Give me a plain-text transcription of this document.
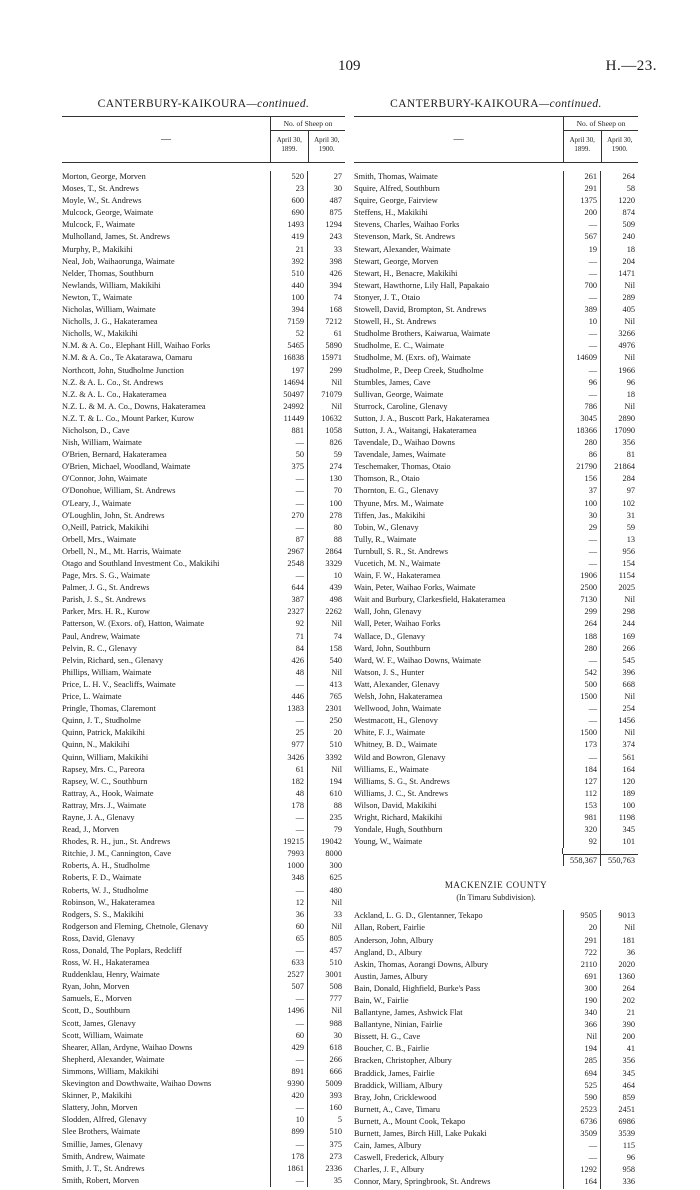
109	H.—23.
CANTERBURY-KAIKOURA—continued.
—
No. of Sheep on
April 30, 1899.
April 30, 1900.
Morton, George, Morven	520	27
Moses, T., St. Andrews	23	30
Moyle, W., St. Andrews	600	487
Mulcock, George, Waimate	690	875
Mulcock, F., Waimate	1493	1294
Mulholland, James, St. Andrews	419	243
Murphy, P., Makikihi	21	33
Neal, Job, Waihaorunga, Waimate	392	398
Nelder, Thomas, Southburn	510	426
Newlands, William, Makikihi	440	394
Newton, T., Waimate	100	74
Nicholas, William, Waimate	394	168
Nicholls, J. G., Hakateramea	7159	7212
Nicholls, W., Makikihi	52	61
N.M. & A. Co., Elephant Hill, Waihao Forks	5465	5890
N.M. & A. Co., Te Akatarawa, Oamaru	16838	15971
Northcott, John, Studholme Junction	197	299
N.Z. & A. L. Co., St. Andrews	14694	Nil
N.Z. & A. L. Co., Hakateramea	50497	71079
N.Z. L. & M. A. Co., Downs, Hakateramea	24992	Nil
N.Z. T. & L. Co., Mount Parker, Kurow	11449	10632
Nicholson, D., Cave	881	1058
Nish, William, Waimate	—	826
O'Brien, Bernard, Hakateramea	50	59
O'Brien, Michael, Woodland, Waimate	375	274
O'Connor, John, Waimate	—	130
O'Donohue, William, St. Andrews	—	70
O'Leary, J., Waimate	—	100
O'Loughlin, John, St. Andrews	270	278
O,Neill, Patrick, Makikihi	—	80
Orbell, Mrs., Waimate	87	88
Orbell, N., M., Mt. Harris, Waimate	2967	2864
Otago and Southland Investment Co., Makikihi	2548	3329
Page, Mrs. S. G., Waimate	—	10
Palmer, J. G., St. Andrews	644	439
Parish, J. S., St. Andrews	387	498
Parker, Mrs. H. R., Kurow	2327	2262
Patterson, W. (Exors. of), Hatton, Waimate	92	Nil
Paul, Andrew, Waimate	71	74
Pelvin, R. C., Glenavy	84	158
Pelvin, Richard, sen., Glenavy	426	540
Phillips, William, Waimate	48	Nil
Price, L. H. V., Seacliffs, Waimate	—	413
Price, L. Waimate	446	765
Pringle, Thomas, Claremont	1383	2301
Quinn, J. T., Studholme	—	250
Quinn, Patrick, Makikihi	25	20
Quinn, N., Makikihi	977	510
Quinn, William, Makikihi	3426	3392
Rapsey, Mrs. C., Pareora	61	Nil
Rapsey, W. C., Southburn	182	194
Rattray, A., Hook, Waimate	48	610
Rattray, Mrs. J., Waimate	178	88
Rayne, J. A., Glenavy	—	235
Read, J., Morven	—	79
Rhodes, R. H., jun., St. Andrews	19215	19042
Ritchie, J. M., Cannington, Cave	7993	8000
Roberts, A. H., Studholme	1000	300
Roberts, F. D., Waimate	348	625
Roberts, W. J., Studholme	—	480
Robinson, W., Hakateramea	12	Nil
Rodgers, S. S., Makikihi	36	33
Rodgerson and Fleming, Chetnole, Glenavy	60	Nil
Ross, David, Glenavy	65	805
Ross, Donald, The Poplars, Redcliff	—	457
Ross, W. H., Hakateramea	633	510
Ruddenklau, Henry, Waimate	2527	3001
Ryan, John, Morven	507	508
Samuels, E., Morven	—	777
Scott, D., Southburn	1496	Nil
Scott, James, Glenavy	—	988
Scott, William, Waimate	60	30
Shearer, Allan, Ardyne, Waihao Downs	429	618
Shepherd, Alexander, Waimate	—	266
Simmons, William, Makikihi	891	666
Skevington and Dowthwaite, Waihao Downs	9390	5009
Skinner, P., Makikihi	420	393
Slattery, John, Morven	—	160
Slodden, Alfred, Glenavy	10	5
Slee Brothers, Waimate	899	510
Smillie, James, Glenavy	—	375
Smith, Andrew, Waimate	178	273
Smith, J. T., St. Andrews	1861	2336
Smith, Robert, Morven	—	35
CANTERBURY-KAIKOURA—continued.
—
No. of Sheep on
April 30, 1899.
April 30, 1900.
Smith, Thomas, Waimate	261	264
Squire, Alfred, Southburn	291	58
Squire, George, Fairview	1375	1220
Steffens, H., Makikihi	200	874
Stevens, Charles, Waihao Forks	—	509
Stevenson, Mark, St. Andrews	567	240
Stewart, Alexander, Waimate	19	18
Stewart, George, Morven	—	204
Stewart, H., Benacre, Makikihi	—	1471
Stewart, Hawthorne, Lily Hall, Papakaio	700	Nil
Stonyer, J. T., Otaio	—	289
Stowell, David, Brompton, St. Andrews	389	405
Stowell, H., St. Andrews	10	Nil
Studholme Brothers, Kaiwarua, Waimate	—	3266
Studholme, E. C., Waimate	—	4976
Studholme, M. (Exrs. of), Waimate	14609	Nil
Studholme, P., Deep Creek, Studholme	—	1966
Stumbles, James, Cave	96	96
Sullivan, George, Waimate	—	18
Sturrock, Caroline, Glenavy	786	Nil
Sutton, J. A., Buscott Park, Hakateramea	3045	2890
Sutton, J. A., Waitangi, Hakateramea	18366	17090
Tavendale, D., Waihao Downs	280	356
Tavendale, James, Waimate	86	81
Teschemaker, Thomas, Otaio	21790	21864
Thomson, R., Otaio	156	284
Thornton, E. G., Glenavy	37	97
Thyune, Mrs. M., Waimate	100	102
Tiffen, Jas., Makikihi	30	31
Tobin, W., Glenavy	29	59
Tully, R., Waimate	—	13
Turnbull, S. R., St. Andrews	—	956
Vucetich, M. N., Waimate	—	154
Wain, F. W., Hakateramea	1906	1154
Wain, Peter, Waihao Forks, Waimate	2500	2025
Wait and Burbury, Clarkesfield, Hakateramea	7130	Nil
Wall, John, Glenavy	299	298
Wall, Peter, Waihao Forks	264	244
Wallace, D., Glenavy	188	169
Ward, John, Southburn	280	266
Ward, W. F., Waihao Downs, Waimate	—	545
Watson, J. S., Hunter	542	396
Watt, Alexander, Glenavy	500	668
Welsh, John, Hakateramea	1500	Nil
Wellwood, John, Waimate	—	254
Westmacott, H., Glenovy	—	1456
White, F. J., Waimate	1500	Nil
Whitney, B. D., Waimate	173	374
Wild and Bowron, Glenavy	—	561
Williams, E., Waimate	184	164
Williams, S. G., St. Andrews	127	120
Williams, J. C., St. Andrews	112	189
Wilson, David, Makikihi	153	100
Wright, Richard, Makikihi	981	1198
Yondale, Hugh, Southburn	320	345
Young, W., Waimate	92	101
558,367	550,763
MACKENZIE COUNTY
(In Timaru Subdivision).
Ackland, L. G. D., Glentanner, Tekapo	9505	9013
Allan, Robert, Fairlie	20	Nil
Anderson, John, Albury	291	181
Angland, D., Albury	722	36
Askin, Thomas, Aorangi Downs, Albury	2110	2020
Austin, James, Albury	691	1360
Bain, Donald, Highfield, Burke's Pass	300	264
Bain, W., Fairlie	190	202
Ballantyne, James, Ashwick Flat	340	21
Ballantyne, Ninian, Fairlie	366	390
Bissett, H. G., Cave	Nil	200
Boucher, C. B., Fairlie	194	41
Bracken, Christopher, Albury	285	356
Braddick, James, Fairlie	694	345
Braddick, William, Albury	525	464
Bray, John, Cricklewood	590	859
Burnett, A., Cave, Timaru	2523	2451
Burnett, A., Mount Cook, Tekapo	6736	6986
Burnett, James, Birch Hill, Lake Pukaki	3509	3539
Cain, James, Albury	—	115
Caswell, Frederick, Albury	—	96
Charles, J. F., Albury	1292	958
Connor, Mary, Springbrook, St. Andrews	164	336
